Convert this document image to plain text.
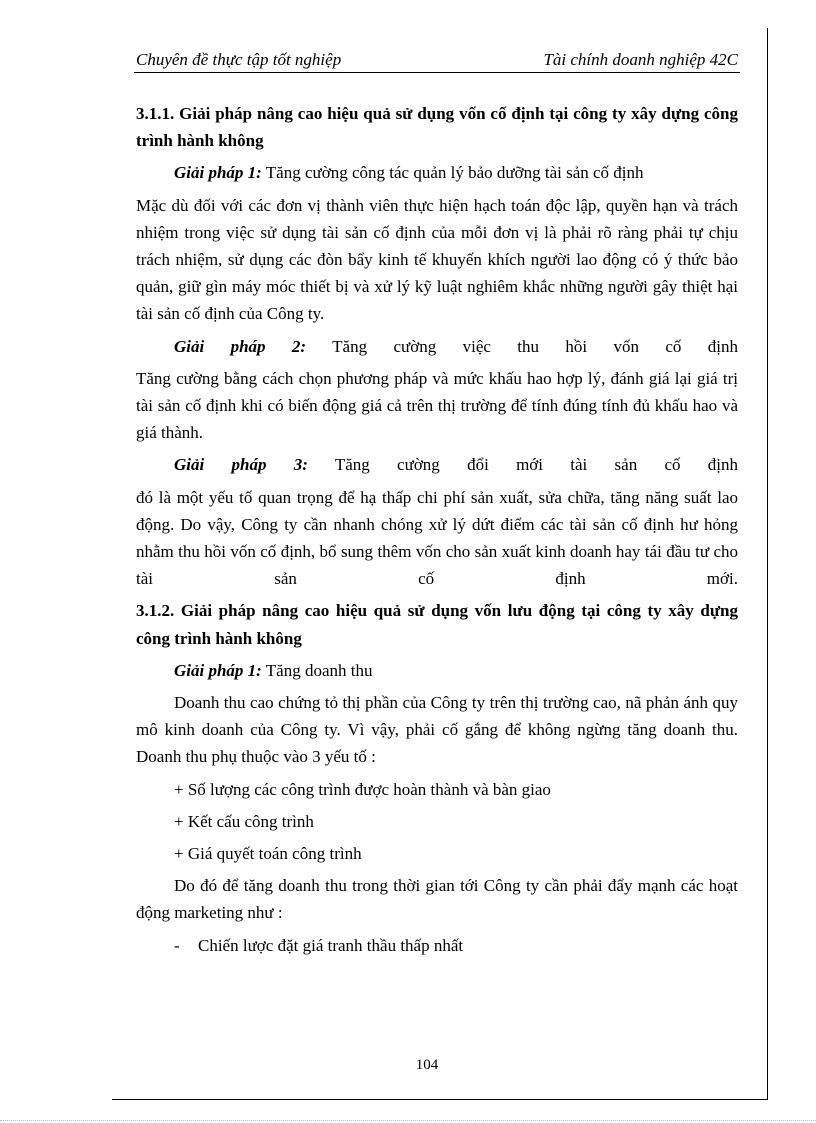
Chuyên đề thực tập tốt nghiệp	Tài chính doanh nghiệp 42C

3.1.1. Giải pháp nâng cao hiệu quả sử dụng vốn cố định tại công ty xây dựng công trình hành không

Giải pháp 1: Tăng cường công tác quản lý bảo dưỡng tài sản cố định

Mặc dù đối với các đơn vị thành viên thực hiện hạch toán độc lập, quyền hạn và trách nhiệm trong việc sử dụng tài sản cố định của mỗi đơn vị là phải rõ ràng phải tự chịu trách nhiệm, sử dụng các đòn bẩy kinh tế khuyến khích người lao động có ý thức bảo quản, giữ gìn máy móc thiết bị và xử lý kỹ luật nghiêm khắc những người gây thiệt hại tài sản cố định của Công ty.

Giải pháp 2: Tăng cường việc thu hồi vốn cố định

Tăng cường bằng cách chọn phương pháp và mức khấu hao hợp lý, đánh giá lại giá trị tài sản cố định khi có biến động giá cả trên thị trường để tính đúng tính đủ khấu hao và giá thành.

Giải pháp 3: Tăng cường đổi mới tài sản cố định

đó là một yếu tố quan trọng để hạ thấp chi phí sản xuất, sửa chữa, tăng năng suất lao động. Do vậy, Công ty cần nhanh chóng xử lý dứt điểm các tài sản cố định hư hỏng nhằm thu hồi vốn cố định, bổ sung thêm vốn cho sản xuất kinh doanh hay tái đầu tư cho tài sản cố định mới.

3.1.2. Giải pháp nâng cao hiệu quả sử dụng vốn lưu động tại công ty xây dựng công trình hành không

Giải pháp 1: Tăng doanh thu

Doanh thu cao chứng tỏ thị phần của Công ty trên thị trường cao, nã phản ánh quy mô kinh doanh của Công ty. Vì vậy, phải cố gắng để không ngừng tăng doanh thu. Doanh thu phụ thuộc vào 3 yếu tố :

+ Số lượng các công trình được hoàn thành và bàn giao

+ Kết cấu công trình

+ Giá quyết toán công trình

Do đó để tăng doanh thu trong thời gian tới Công ty cần phải đẩy mạnh các hoạt động marketing như :

-	Chiến lược đặt giá tranh thầu thấp nhất
104
